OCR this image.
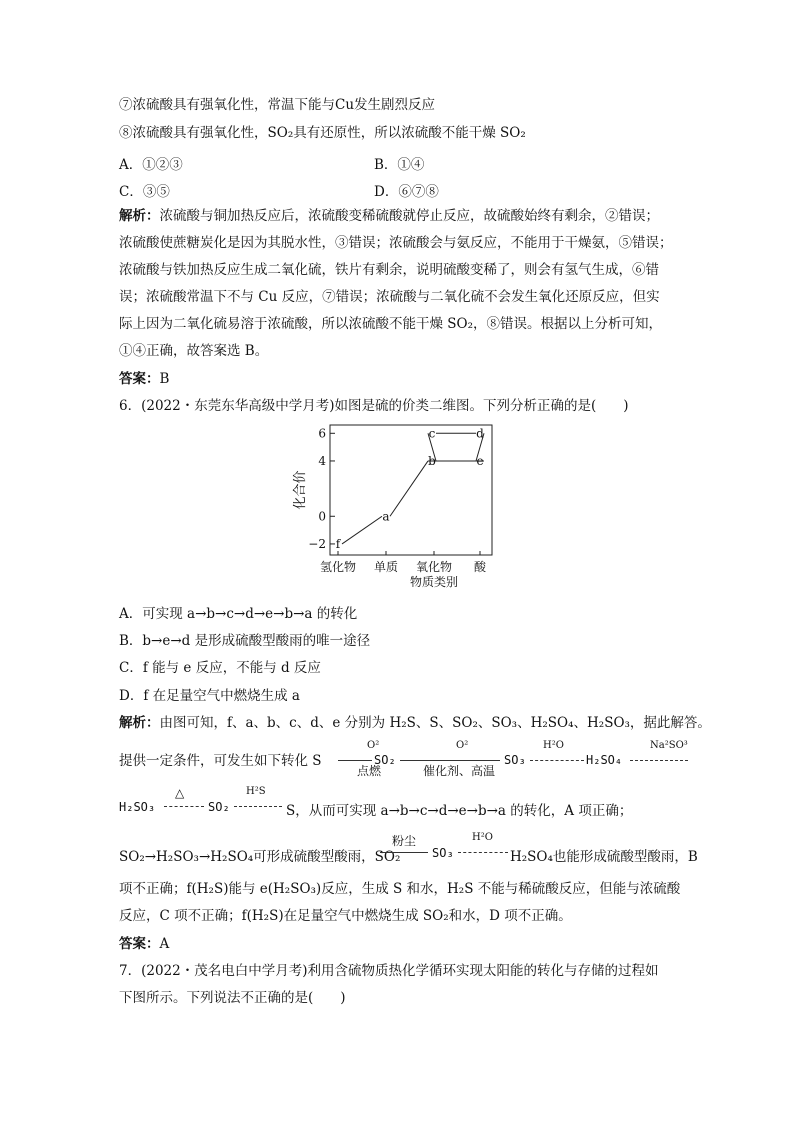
⑦浓硫酸具有强氧化性，常温下能与Cu发生剧烈反应
⑧浓硫酸具有强氧化性，SO₂具有还原性，所以浓硫酸不能干燥 SO₂
A．①②③	B．①④
C．③⑤	D．⑥⑦⑧
解析：浓硫酸与铜加热反应后，浓硫酸变稀硫酸就停止反应，故硫酸始终有剩余，②错误；
浓硫酸使蔗糖炭化是因为其脱水性，③错误；浓硫酸会与氨反应，不能用于干燥氨，⑤错误；
浓硫酸与铁加热反应生成二氧化硫，铁片有剩余，说明硫酸变稀了，则会有氢气生成，⑥错
误；浓硫酸常温下不与 Cu 反应，⑦错误；浓硫酸与二氧化硫不会发生氧化还原反应，但实
际上因为二氧化硫易溶于浓硫酸，所以浓硫酸不能干燥 SO₂，⑧错误。根据以上分析可知，
①④正确，故答案选 B。
答案：B
6．(2022・东莞东华高级中学月考)如图是硫的价类二维图。下列分析正确的是(　　)
6
4
0
−2
氢化物 单质 氧化物 酸
物质类别
化合价
f
a
b
c	d
e
A．可实现 a→b→c→d→e→b→a 的转化
B．b→e→d 是形成硫酸型酸雨的唯一途径
C．f 能与 e 反应，不能与 d 反应
D．f 在足量空气中燃烧生成 a
解析：由图可知，f、a、b、c、d、e 分别为 H₂S、S、SO₂、SO₃、H₂SO₄、H₂SO₃，据此解答。
提供一定条件，可发生如下转化 S
O²
点燃
SO₂
O²
催化剂、高温
SO₃
H²O
H₂SO₄
Na²SO³
H₂SO₃
△
SO₂
H²S
S，从而可实现 a→b→c→d→e→b→a 的转化，A 项正确；
SO₂→H₂SO₃→H₂SO₄可形成硫酸型酸雨，SO₂
粉尘
SO₃
H²O
H₂SO₄也能形成硫酸型酸雨，B
项不正确；f(H₂S)能与 e(H₂SO₃)反应，生成 S 和水，H₂S 不能与稀硫酸反应，但能与浓硫酸
反应，C 项不正确；f(H₂S)在足量空气中燃烧生成 SO₂和水，D 项不正确。
答案：A
7．(2022・茂名电白中学月考)利用含硫物质热化学循环实现太阳能的转化与存储的过程如
下图所示。下列说法不正确的是(　　)
